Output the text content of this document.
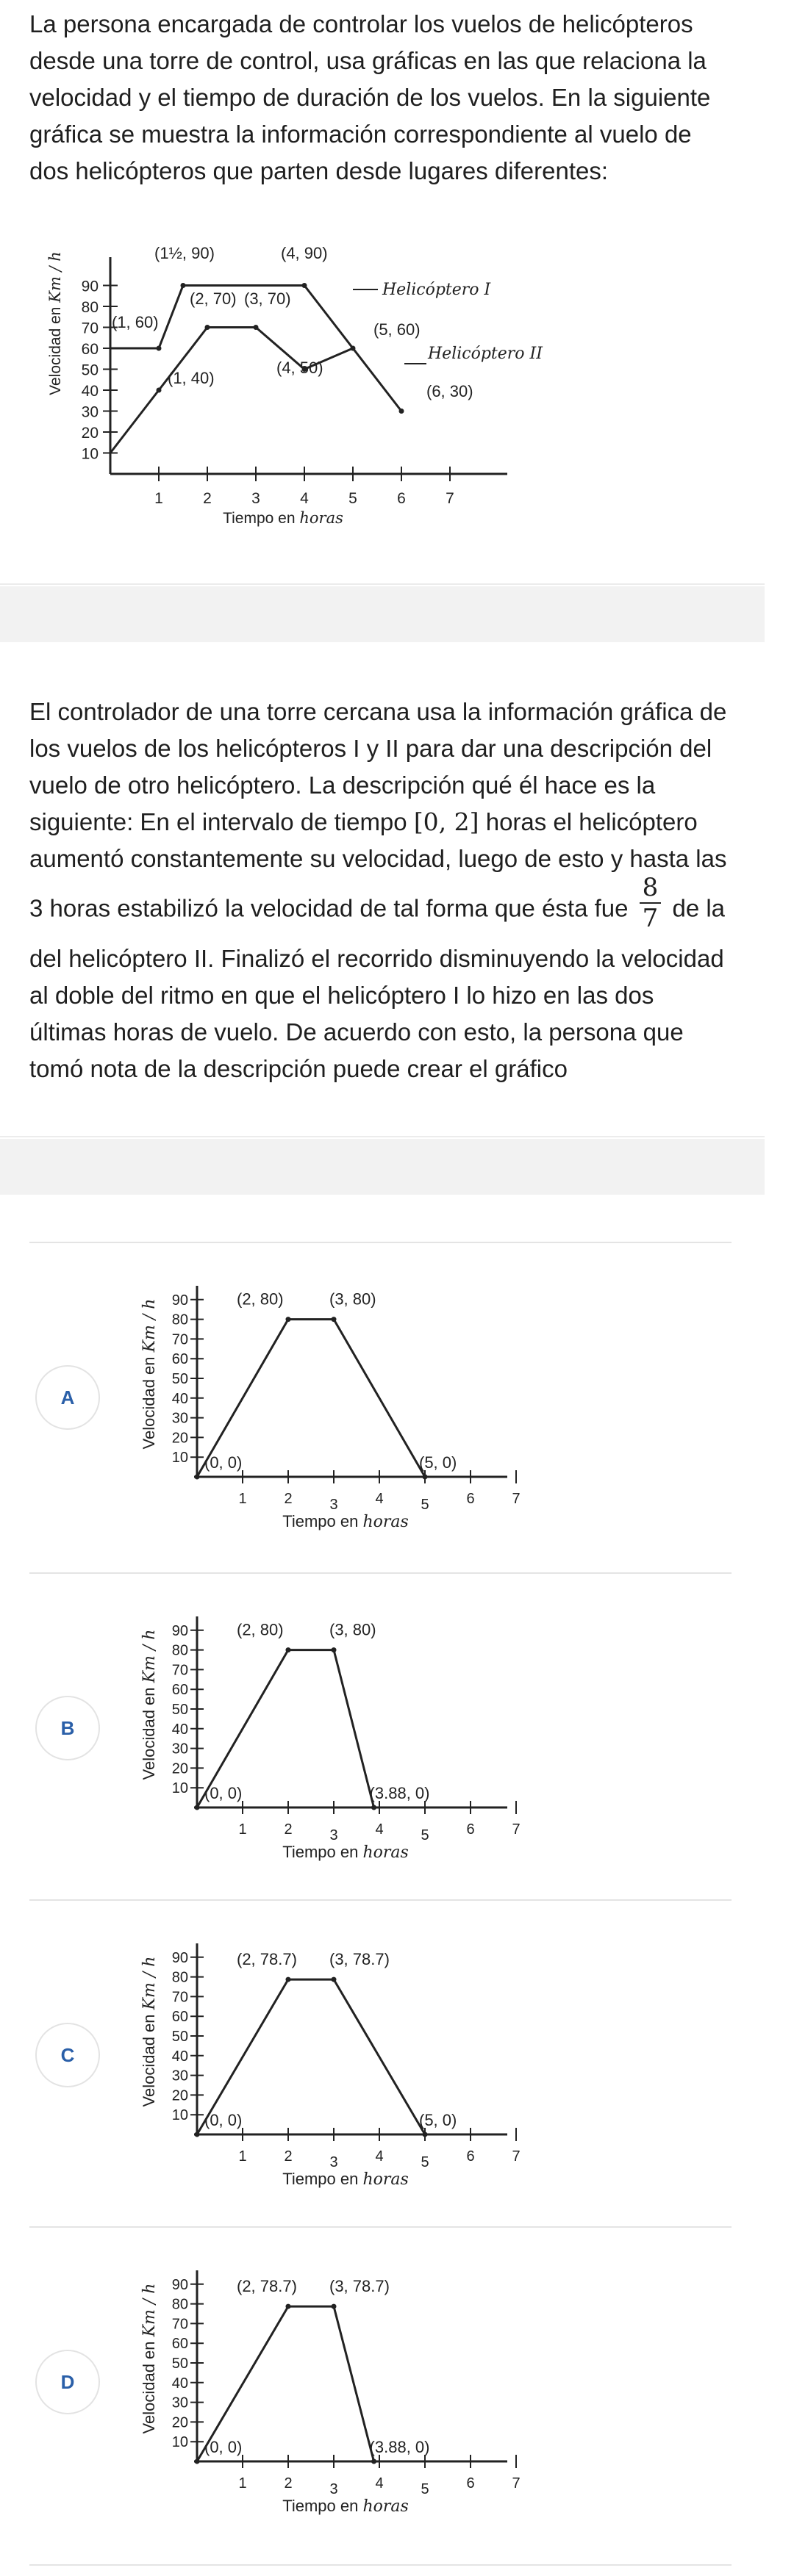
La persona encargada de controlar los vuelos de helicópteros
desde una torre de control, usa gráficas en las que relaciona la
velocidad y el tiempo de duración de los vuelos. En la siguiente
gráfica se muestra la información correspondiente al vuelo de
dos helicópteros que parten desde lugares diferentes:
Velocidad en Km / h
10
20
30
40
50
60
70
80
90
1	2	3	4	5	6	7
(1½, 90)	(4, 90)
(2, 70) (3, 70)
(1, 60)	(5, 60)
(1, 40)
(4, 50)
(6, 30)
Helicóptero I
Helicóptero II
Tiempo en horas
El controlador de una torre cercana usa la información gráfica de
los vuelos de los helicópteros I y II para dar una descripción del
vuelo de otro helicóptero. La descripción qué él hace es la
siguiente: En el intervalo de tiempo [0, 2] horas el helicóptero
aumentó constantemente su velocidad, luego de esto y hasta las
3 horas estabilizó la velocidad de tal forma que ésta fue $\frac{8}{7}$ de la
del helicóptero II. Finalizó el recorrido disminuyendo la velocidad
al doble del ritmo en que el helicóptero I lo hizo en las dos
últimas horas de vuelo. De acuerdo con esto, la persona que
tomó nota de la descripción puede crear el gráfico
A	Velocidad en Km / h
10
20
30
40
50
60
70
80
90
1	2	3	4	5	6	7
(0, 0)
(2, 80)	(3, 80)
(5, 0)
Tiempo en horas
B	Velocidad en Km / h
10
20
30
40
50
60
70
80
90
1	2	3	4	5	6	7
(0, 0)
(2, 80)	(3, 80)
(3.88, 0)
Tiempo en horas
C	Velocidad en Km / h
10
20
30
40
50
60
70
80
90
1	2	3	4	5	6	7
(0, 0)
(2, 78.7) (3, 78.7)
(5, 0)
Tiempo en horas
D	Velocidad en Km / h
10
20
30
40
50
60
70
80
90
1	2	3	4	5	6	7
(0, 0)
(2, 78.7) (3, 78.7)
(3.88, 0)
Tiempo en horas
